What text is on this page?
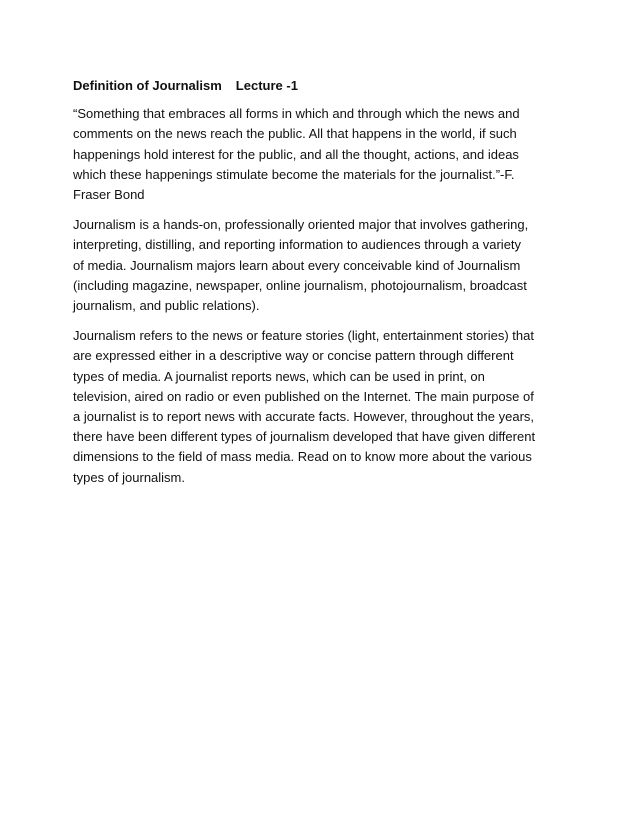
Definition of Journalism Lecture -1

“Something that embraces all forms in which and through which the news and
comments on the news reach the public. All that happens in the world, if such
happenings hold interest for the public, and all the thought, actions, and ideas
which these happenings stimulate become the materials for the journalist.”-F.
Fraser Bond

Journalism is a hands-on, professionally oriented major that involves gathering,
interpreting, distilling, and reporting information to audiences through a variety
of media. Journalism majors learn about every conceivable kind of Journalism
(including magazine, newspaper, online journalism, photojournalism, broadcast
journalism, and public relations).

Journalism refers to the news or feature stories (light, entertainment stories) that
are expressed either in a descriptive way or concise pattern through different
types of media. A journalist reports news, which can be used in print, on
television, aired on radio or even published on the Internet. The main purpose of
a journalist is to report news with accurate facts. However, throughout the years,
there have been different types of journalism developed that have given different
dimensions to the field of mass media. Read on to know more about the various
types of journalism.
